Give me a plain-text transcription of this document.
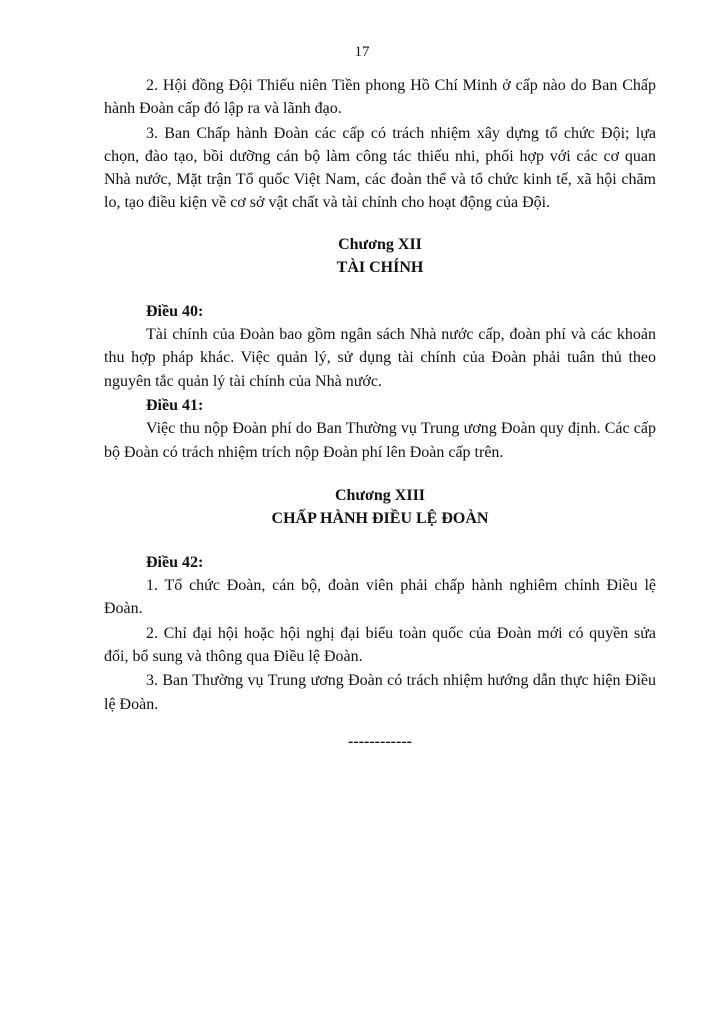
17

2. Hội đồng Đội Thiếu niên Tiền phong Hồ Chí Minh ở cấp nào do Ban Chấp hành Đoàn cấp đó lập ra và lãnh đạo.

3. Ban Chấp hành Đoàn các cấp có trách nhiệm xây dựng tổ chức Đội; lựa chọn, đào tạo, bồi dưỡng cán bộ làm công tác thiếu nhi, phối hợp với các cơ quan Nhà nước, Mặt trận Tổ quốc Việt Nam, các đoàn thể và tổ chức kinh tế, xã hội chăm lo, tạo điều kiện về cơ sở vật chất và tài chính cho hoạt động của Đội.

Chương XII
TÀI CHÍNH

Điều 40:

Tài chính của Đoàn bao gồm ngân sách Nhà nước cấp, đoàn phí và các khoản thu hợp pháp khác. Việc quản lý, sử dụng tài chính của Đoàn phải tuân thủ theo nguyên tắc quản lý tài chính của Nhà nước.

Điều 41:

Việc thu nộp Đoàn phí do Ban Thường vụ Trung ương Đoàn quy định. Các cấp bộ Đoàn có trách nhiệm trích nộp Đoàn phí lên Đoàn cấp trên.

Chương XIII
CHẤP HÀNH ĐIỀU LỆ ĐOÀN

Điều 42:

1. Tổ chức Đoàn, cán bộ, đoàn viên phải chấp hành nghiêm chỉnh Điều lệ Đoàn.

2. Chỉ đại hội hoặc hội nghị đại biểu toàn quốc của Đoàn mới có quyền sửa đổi, bổ sung và thông qua Điều lệ Đoàn.

3. Ban Thường vụ Trung ương Đoàn có trách nhiệm hướng dẫn thực hiện Điều lệ Đoàn.

------------
